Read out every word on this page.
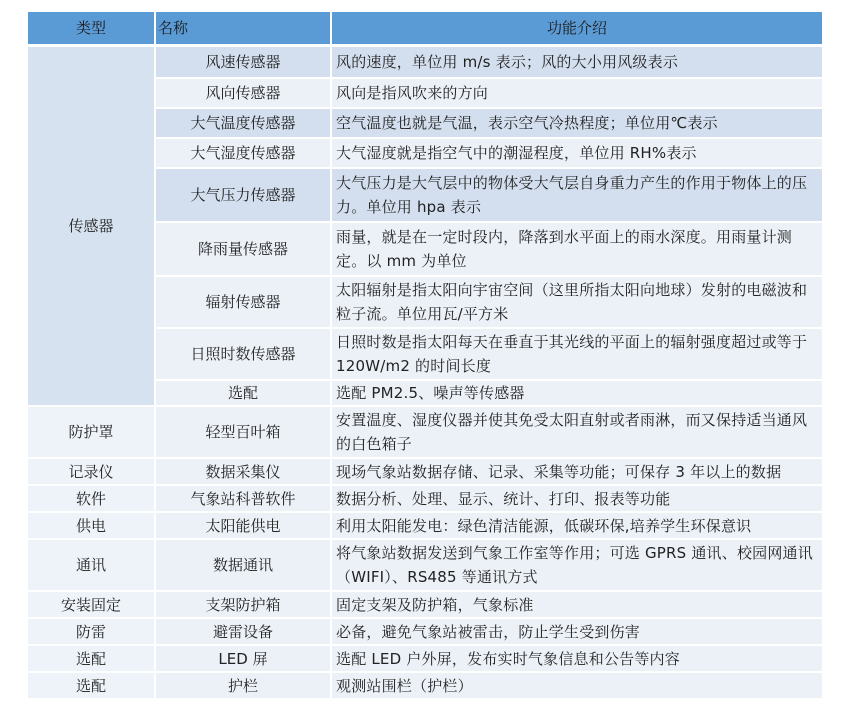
类型	名称	功能介绍
传感器	风速传感器	风的速度，单位用 m/s 表示；风的大小用风级表示
	风向传感器	风向是指风吹来的方向
	大气温度传感器	空气温度也就是气温，表示空气冷热程度；单位用℃表示
	大气湿度传感器	大气湿度就是指空气中的潮湿程度，单位用 RH%表示
	大气压力传感器	大气压力是大气层中的物体受大气层自身重力产生的作用于物体上的压力。单位用 hpa 表示
	降雨量传感器	雨量，就是在一定时段内，降落到水平面上的雨水深度。用雨量计测定。以 mm 为单位
	辐射传感器	太阳辐射是指太阳向宇宙空间（这里所指太阳向地球）发射的电磁波和粒子流。单位用瓦/平方米
	日照时数传感器	日照时数是指太阳每天在垂直于其光线的平面上的辐射强度超过或等于 120W/m2 的时间长度
	选配	选配 PM2.5、噪声等传感器
防护罩	轻型百叶箱	安置温度、湿度仪器并使其免受太阳直射或者雨淋，而又保持适当通风的白色箱子
记录仪	数据采集仪	现场气象站数据存储、记录、采集等功能；可保存 3 年以上的数据
软件	气象站科普软件	数据分析、处理、显示、统计、打印、报表等功能
供电	太阳能供电	利用太阳能发电：绿色清洁能源，低碳环保,培养学生环保意识
通讯	数据通讯	将气象站数据发送到气象工作室等作用；可选 GPRS 通讯、校园网通讯（WIFI）、RS485 等通讯方式
安装固定	支架防护箱	固定支架及防护箱，气象标准
防雷	避雷设备	必备，避免气象站被雷击，防止学生受到伤害
选配	LED 屏	选配 LED 户外屏，发布实时气象信息和公告等内容
选配	护栏	观测站围栏（护栏）
